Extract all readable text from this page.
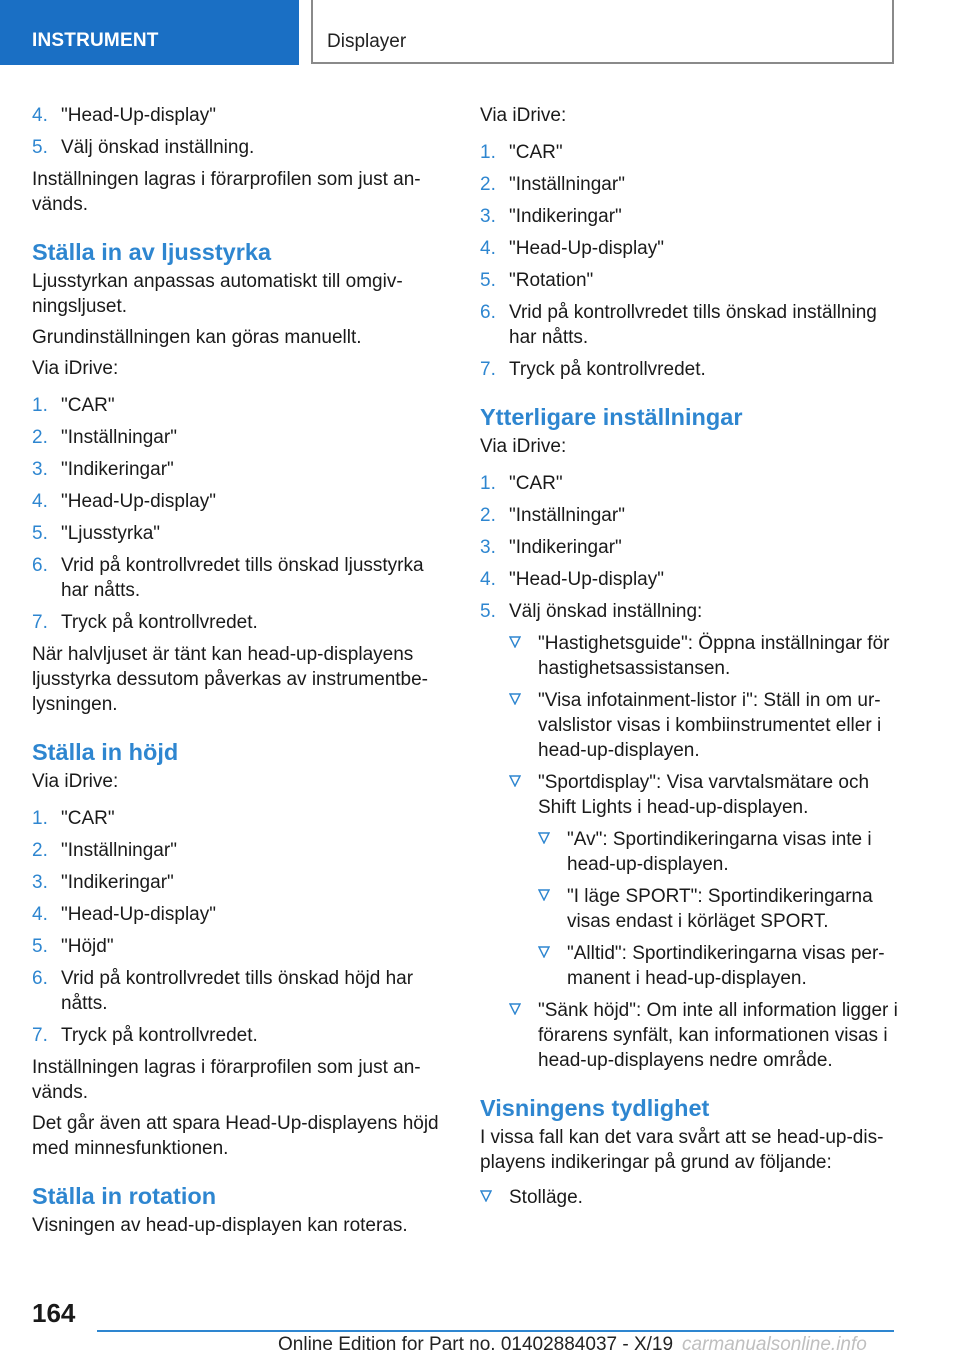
INSTRUMENT	Displayer
4. "Head-Up-display"
5. Välj önskad inställning.

Inställningen lagras i förarprofilen som just an- vänds.

Ställa in av ljusstyrka

Ljusstyrkan anpassas automatiskt till omgiv- ningsljuset.

Grundinställningen kan göras manuellt.

Via iDrive:

1. "CAR"
2. "Inställningar"
3. "Indikeringar"
4. "Head-Up-display"
5. "Ljusstyrka"
6. Vrid på kontrollvredet tills önskad ljusstyrka har nåtts.
7. Tryck på kontrollvredet.

När halvljuset är tänt kan head-up-displayens ljusstyrka dessutom påverkas av instrumentbe- lysningen.

Ställa in höjd

Via iDrive:

1. "CAR"
2. "Inställningar"
3. "Indikeringar"
4. "Head-Up-display"
5. "Höjd"
6. Vrid på kontrollvredet tills önskad höjd har nåtts.
7. Tryck på kontrollvredet.

Inställningen lagras i förarprofilen som just an- vänds.

Det går även att spara Head-Up-displayens höjd med minnesfunktionen.

Ställa in rotation

Visningen av head-up-displayen kan roteras.

Via iDrive:

1. "CAR"
2. "Inställningar"
3. "Indikeringar"
4. "Head-Up-display"
5. "Rotation"
6. Vrid på kontrollvredet tills önskad inställning har nåtts.
7. Tryck på kontrollvredet.
Ytterligare inställningar

Via iDrive:

1. "CAR"
2. "Inställningar"
3. "Indikeringar"
4. "Head-Up-display"
5. Välj önskad inställning:
"Hastighetsguide": Öppna inställningar för hastighetsassistansen.
"Visa infotainment-listor i": Ställ in om ur- valslistor visas i kombiinstrumentet eller i head-up-displayen.
"Sportdisplay": Visa varvtalsmätare och Shift Lights i head-up-displayen.
"Av": Sportindikeringarna visas inte i head-up-displayen.
"I läge SPORT": Sportindikeringarna visas endast i körläget SPORT.
"Alltid": Sportindikeringarna visas per- manent i head-up-displayen.
"Sänk höjd": Om inte all information ligger i förarens synfält, kan informationen visas i head-up-displayens nedre område.
Visningens tydlighet

I vissa fall kan det vara svårt att se head-up-dis- playens indikeringar på grund av följande:

Stolläge.
164
Online Edition for Part no. 01402884037 - X/19 carmanualsonline.info
